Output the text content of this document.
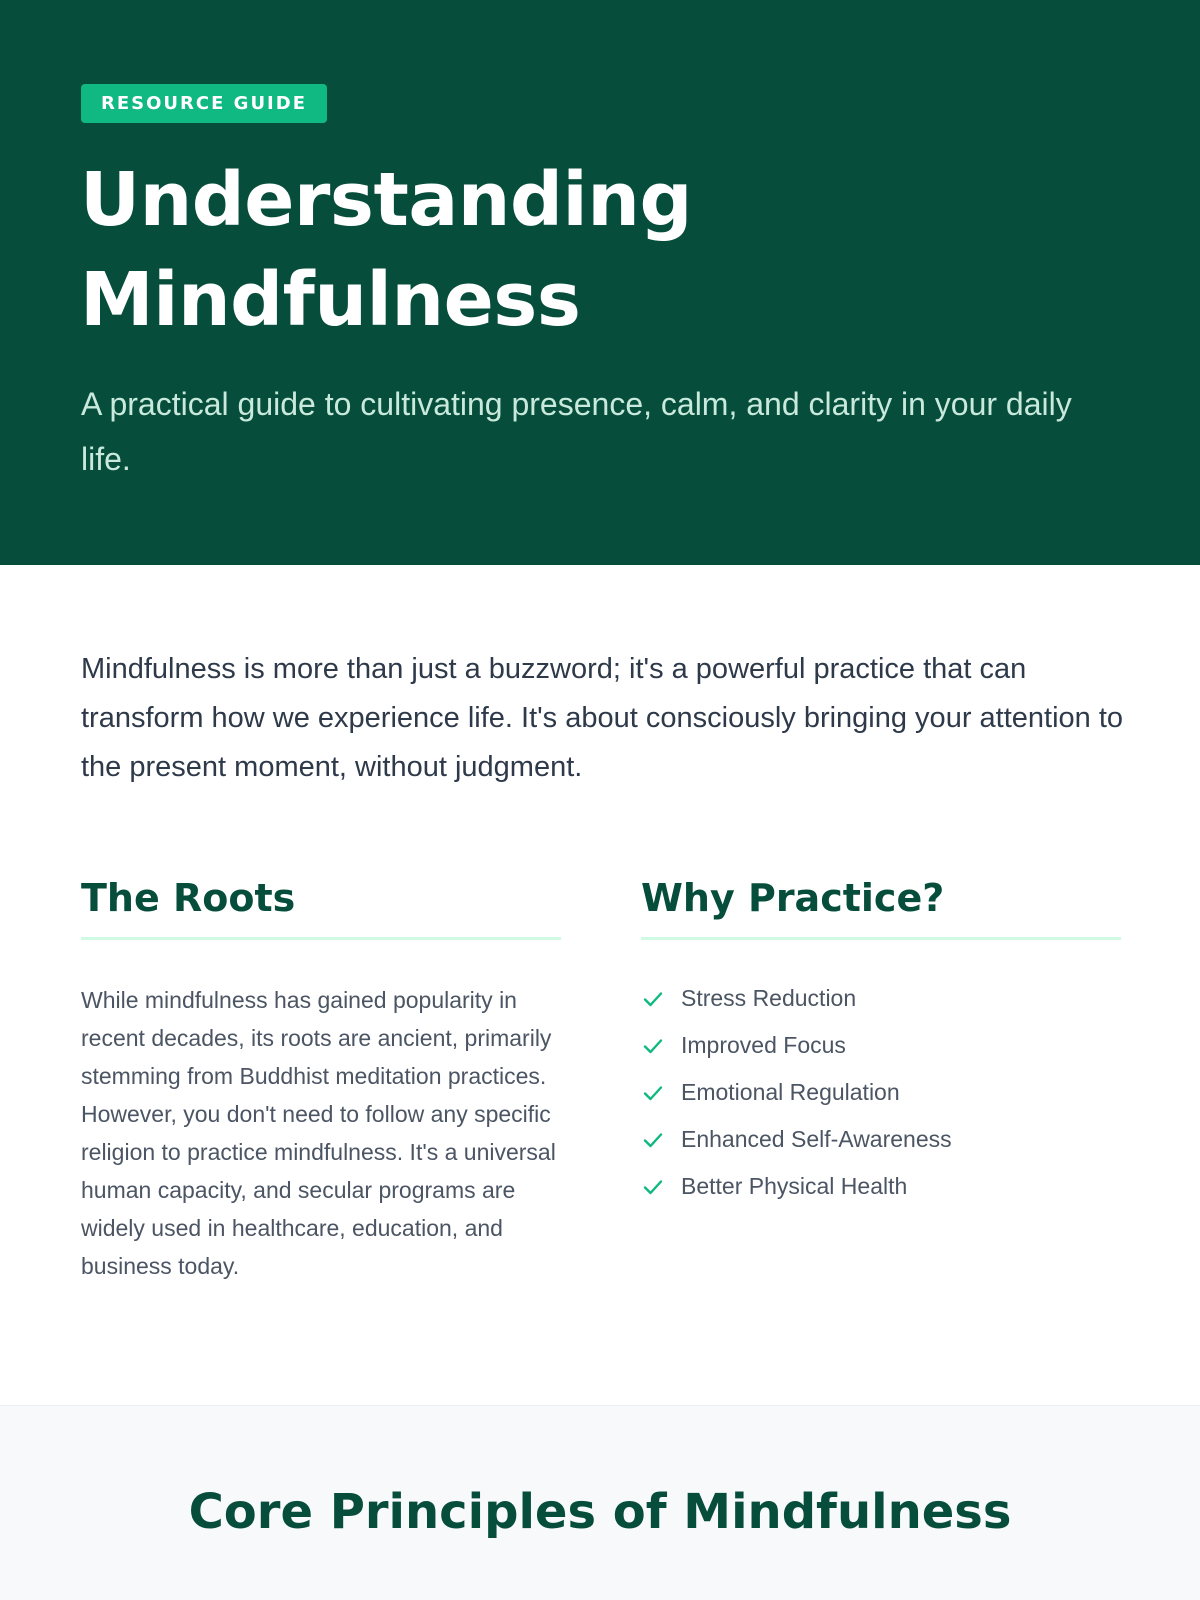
RESOURCE GUIDE
Understanding
Mindfulness

A practical guide to cultivating presence, calm, and clarity in your daily life.

Mindfulness is more than just a buzzword; it's a powerful practice that can transform how we experience life. It's about consciously bringing your attention to the present moment, without judgment.

The Roots

While mindfulness has gained popularity in recent decades, its roots are ancient, primarily stemming from Buddhist meditation practices. However, you don't need to follow any specific religion to practice mindfulness. It's a universal human capacity, and secular programs are widely used in healthcare, education, and business today.

Why Practice?
Stress Reduction
Improved Focus
Emotional Regulation
Enhanced Self-Awareness
Better Physical Health
Core Principles of Mindfulness
